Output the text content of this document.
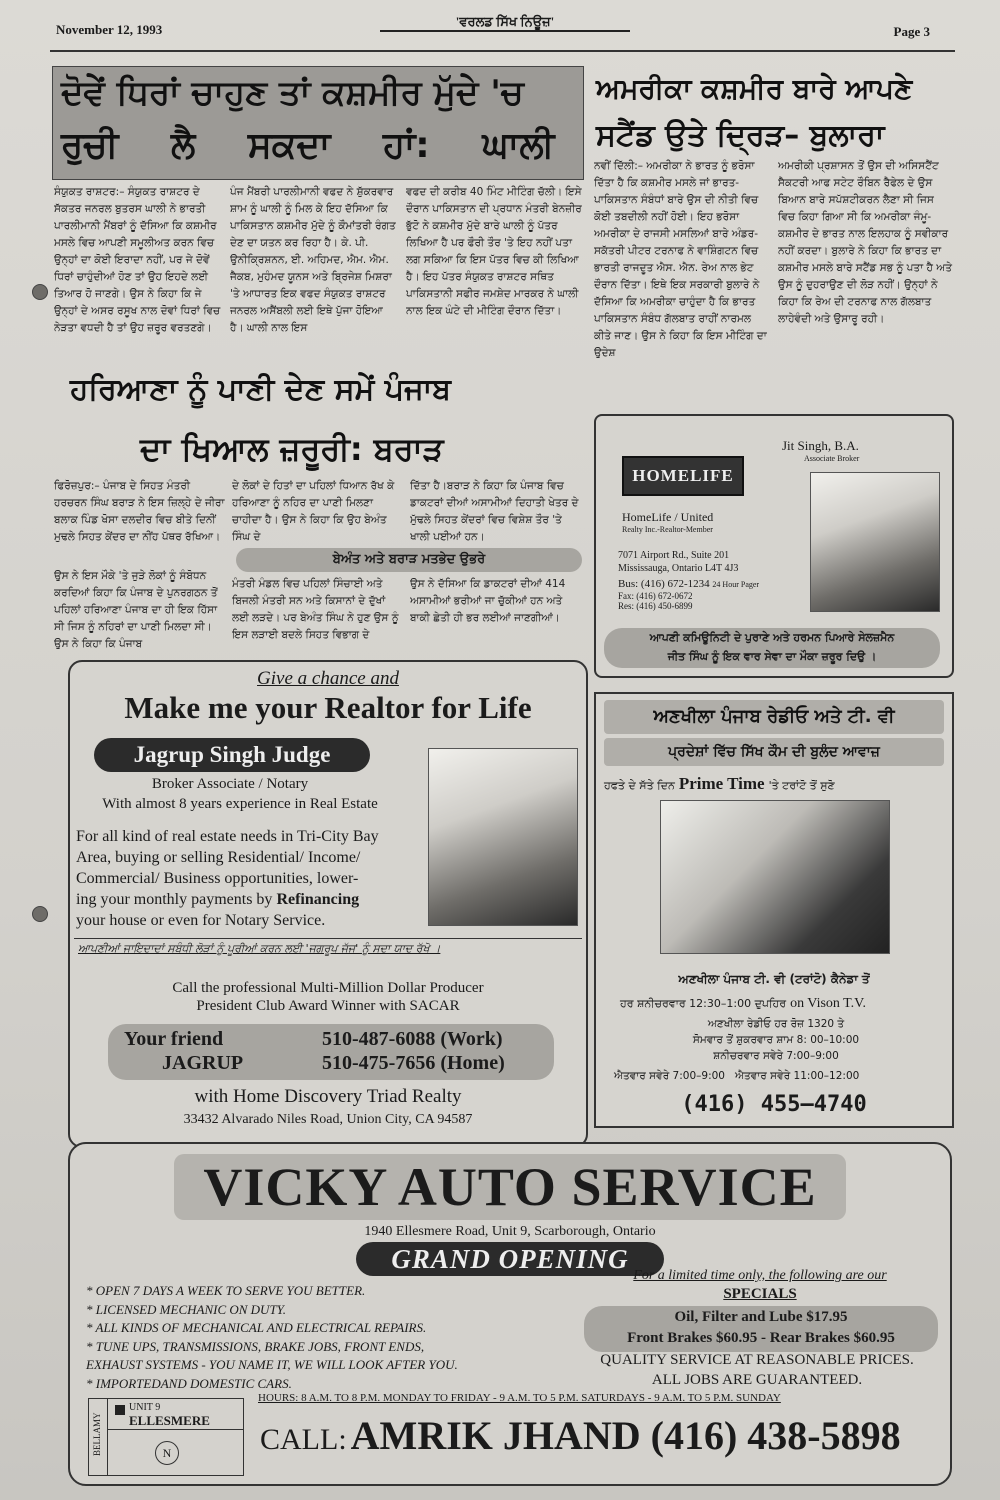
November 12, 1993
'ਵਰਲਡ ਸਿੱਖ ਨਿਊਜ਼'
Page 3
ਦੋਵੇਂ ਧਿਰਾਂ ਚਾਹੁਣ ਤਾਂ ਕਸ਼ਮੀਰ ਮੁੱਦੇ 'ਚ
ਰੁਚੀ ਲੈ ਸਕਦਾ ਹਾਂ: ਘਾਲੀ
ਸੰਯੁਕਤ ਰਾਸ਼ਟਰ:– ਸੰਯੁਕਤ ਰਾਸ਼ਟਰ ਦੇ ਸੱਕਤਰ ਜਨਰਲ ਬੁਤਰਸ ਘਾਲੀ ਨੇ ਭਾਰਤੀ ਪਾਰਲੀਮਾਨੀ ਮੈਂਬਰਾਂ ਨੂੰ ਦੱਸਿਆ ਕਿ ਕਸ਼ਮੀਰ ਮਸਲੇ ਵਿਚ ਆਪਣੀ ਸਮੂਲੀਅਤ ਕਰਨ ਵਿਚ ਉਨ੍ਹਾਂ ਦਾ ਕੋਈ ਇਰਾਦਾ ਨਹੀਂ, ਪਰ ਜੇ ਦੋਵੇਂ ਧਿਰਾਂ ਚਾਹੁੰਦੀਆਂ ਹੋਣ ਤਾਂ ਉਹ ਇਹਦੇ ਲਈ ਤਿਆਰ ਹੋ ਜਾਣਗੇ। ਉਸ ਨੇ ਕਿਹਾ ਕਿ ਜੇ ਉਨ੍ਹਾਂ ਦੇ ਅਸਰ ਰਸੂਖ ਨਾਲ ਦੋਵਾਂ ਧਿਰਾਂ ਵਿਚ ਨੇੜਤਾ ਵਧਦੀ ਹੈ ਤਾਂ ਉਹ ਜ਼ਰੂਰ ਵਰਤਣਗੇ।
ਪੰਜ ਮੈਂਬਰੀ ਪਾਰਲੀਮਾਨੀ ਵਫਦ ਨੇ ਸ਼ੁੱਕਰਵਾਰ ਸ਼ਾਮ ਨੂੰ ਘਾਲੀ ਨੂੰ ਮਿਲ ਕੇ ਇਹ ਦੱਸਿਆ ਕਿ ਪਾਕਿਸਤਾਨ ਕਸ਼ਮੀਰ ਮੁੱਦੇ ਨੂੰ ਕੌਮਾਂਤਰੀ ਰੰਗਤ ਦੇਣ ਦਾ ਯਤਨ ਕਰ ਰਿਹਾ ਹੈ। ਕੇ. ਪੀ. ਉਨੀਕ੍ਰਿਸ਼ਨਨ, ਈ. ਅਹਿਮਦ, ਐਮ. ਐਮ. ਜੈਕਬ, ਮੁਹੰਮਦ ਯੂਨਸ ਅਤੇ ਬ੍ਰਿਜੇਸ਼ ਮਿਸ਼ਰਾ 'ਤੇ ਆਧਾਰਤ ਇਕ ਵਫਦ ਸੰਯੁਕਤ ਰਾਸ਼ਟਰ ਜਨਰਲ ਅਸੈਂਬਲੀ ਲਈ ਇਥੇ ਪੁੱਜਾ ਹੋਇਆ ਹੈ। ਘਾਲੀ ਨਾਲ ਇਸ
ਵਫਦ ਦੀ ਕਰੀਬ 40 ਮਿੰਟ ਮੀਟਿੰਗ ਚੱਲੀ। ਇਸੇ ਦੌਰਾਨ ਪਾਕਿਸਤਾਨ ਦੀ ਪ੍ਰਧਾਨ ਮੰਤਰੀ ਬੇਨਜ਼ੀਰ ਭੁੱਟੋ ਨੇ ਕਸ਼ਮੀਰ ਮੁੱਦੇ ਬਾਰੇ ਘਾਲੀ ਨੂੰ ਪੱਤਰ ਲਿਖਿਆ ਹੈ ਪਰ ਫੌਰੀ ਤੌਰ 'ਤੇ ਇਹ ਨਹੀਂ ਪਤਾ ਲਗ ਸਕਿਆ ਕਿ ਇਸ ਪੱਤਰ ਵਿਚ ਕੀ ਲਿਖਿਆ ਹੈ। ਇਹ ਪੱਤਰ ਸੰਯੁਕਤ ਰਾਸ਼ਟਰ ਸਥਿਤ ਪਾਕਿਸਤਾਨੀ ਸਫੀਰ ਜਮਸ਼ੇਦ ਮਾਰਕਰ ਨੇ ਘਾਲੀ ਨਾਲ ਇਕ ਘੰਟੇ ਦੀ ਮੀਟਿੰਗ ਦੌਰਾਨ ਦਿੱਤਾ।
ਅਮਰੀਕਾ ਕਸ਼ਮੀਰ ਬਾਰੇ ਆਪਣੇ
ਸਟੈਂਡ ਉਤੇ ਦ੍ਰਿੜ– ਬੁਲਾਰਾ
ਨਵੀਂ ਦਿੱਲੀ:– ਅਮਰੀਕਾ ਨੇ ਭਾਰਤ ਨੂੰ ਭਰੋਸਾ ਦਿੱਤਾ ਹੈ ਕਿ ਕਸ਼ਮੀਰ ਮਸਲੇ ਜਾਂ ਭਾਰਤ-ਪਾਕਿਸਤਾਨ ਸੰਬੰਧਾਂ ਬਾਰੇ ਉਸ ਦੀ ਨੀਤੀ ਵਿਚ ਕੋਈ ਤਬਦੀਲੀ ਨਹੀਂ ਹੋਈ। ਇਹ ਭਰੋਸਾ ਅਮਰੀਕਾ ਦੇ ਰਾਜਸੀ ਮਸਲਿਆਂ ਬਾਰੇ ਅੰਡਰ-ਸਕੱਤਰੀ ਪੀਟਰ ਟਰਨਾਫ ਨੇ ਵਾਸ਼ਿੰਗਟਨ ਵਿਚ ਭਾਰਤੀ ਰਾਜਦੂਤ ਐਸ. ਐਨ. ਰੇਅ ਨਾਲ ਭੇਟ ਦੌਰਾਨ ਦਿੱਤਾ। ਇਥੇ ਇਕ ਸਰਕਾਰੀ ਬੁਲਾਰੇ ਨੇ ਦੱਸਿਆ ਕਿ ਅਮਰੀਕਾ ਚਾਹੁੰਦਾ ਹੈ ਕਿ ਭਾਰਤ ਪਾਕਿਸਤਾਨ ਸੰਬੰਧ ਗੱਲਬਾਤ ਰਾਹੀਂ ਨਾਰਮਲ ਕੀਤੇ ਜਾਣ। ਉਸ ਨੇ ਕਿਹਾ ਕਿ ਇਸ ਮੀਟਿੰਗ ਦਾ ਉਦੇਸ਼
ਅਮਰੀਕੀ ਪ੍ਰਸ਼ਾਸਨ ਤੋਂ ਉਸ ਦੀ ਅਸਿਸਟੈਂਟ ਸੈਕਟਰੀ ਆਫ ਸਟੇਟ ਰੌਬਿਨ ਰੈਫੇਲ ਦੇ ਉਸ ਬਿਆਨ ਬਾਰੇ ਸਪੱਸ਼ਟੀਕਰਨ ਲੈਣਾ ਸੀ ਜਿਸ ਵਿਚ ਕਿਹਾ ਗਿਆ ਸੀ ਕਿ ਅਮਰੀਕਾ ਜੰਮੂ-ਕਸ਼ਮੀਰ ਦੇ ਭਾਰਤ ਨਾਲ ਇਲਹਾਕ ਨੂੰ ਸਵੀਕਾਰ ਨਹੀਂ ਕਰਦਾ। ਬੁਲਾਰੇ ਨੇ ਕਿਹਾ ਕਿ ਭਾਰਤ ਦਾ ਕਸ਼ਮੀਰ ਮਸਲੇ ਬਾਰੇ ਸਟੈਂਡ ਸਭ ਨੂੰ ਪਤਾ ਹੈ ਅਤੇ ਉਸ ਨੂੰ ਦੁਹਰਾਉਣ ਦੀ ਲੋੜ ਨਹੀਂ। ਉਨ੍ਹਾਂ ਨੇ ਕਿਹਾ ਕਿ ਰੇਅ ਦੀ ਟਰਨਾਫ ਨਾਲ ਗੱਲਬਾਤ ਲਾਹੇਵੰਦੀ ਅਤੇ ਉਸਾਰੂ ਰਹੀ।
ਹਰਿਆਣਾ ਨੂੰ ਪਾਣੀ ਦੇਣ ਸਮੇਂ ਪੰਜਾਬ
ਦਾ ਖਿਆਲ ਜ਼ਰੂਰੀ: ਬਰਾੜ
ਫਿਰੋਜ਼ਪੁਰ:– ਪੰਜਾਬ ਦੇ ਸਿਹਤ ਮੰਤਰੀ ਹਰਚਰਨ ਸਿੰਘ ਬਰਾੜ ਨੇ ਇਸ ਜ਼ਿਲ੍ਹੇ ਦੇ ਜੀਰਾ ਬਲਾਕ ਪਿੰਡ ਖੋਸਾ ਦਲਦੀਰ ਵਿਚ ਬੀਤੇ ਦਿਨੀਂ ਮੁਢਲੇ ਸਿਹਤ ਕੇਂਦਰ ਦਾ ਨੀਂਹ ਪੱਥਰ ਰੱਖਿਆ।
ਉਸ ਨੇ ਇਸ ਮੌਕੇ 'ਤੇ ਜੁੜੇ ਲੋਕਾਂ ਨੂੰ ਸੰਬੋਧਨ ਕਰਦਿਆਂ ਕਿਹਾ ਕਿ ਪੰਜਾਬ ਦੇ ਪੁਨਰਗਠਨ ਤੋਂ ਪਹਿਲਾਂ ਹਰਿਆਣਾ ਪੰਜਾਬ ਦਾ ਹੀ ਇਕ ਹਿੱਸਾ ਸੀ ਜਿਸ ਨੂੰ ਨਹਿਰਾਂ ਦਾ ਪਾਣੀ ਮਿਲਦਾ ਸੀ। ਉਸ ਨੇ ਕਿਹਾ ਕਿ ਪੰਜਾਬ
ਦੇ ਲੋਕਾਂ ਦੇ ਹਿਤਾਂ ਦਾ ਪਹਿਲਾਂ ਧਿਆਨ ਰੱਖ ਕੇ ਹਰਿਆਣਾ ਨੂੰ ਨਹਿਰ ਦਾ ਪਾਣੀ ਮਿਲਣਾ ਚਾਹੀਦਾ ਹੈ। ਉਸ ਨੇ ਕਿਹਾ ਕਿ ਉਹ ਬੇਅੰਤ ਸਿੰਘ ਦੇ
ਦਿੱਤਾ ਹੈ।ਬਰਾੜ ਨੇ ਕਿਹਾ ਕਿ ਪੰਜਾਬ ਵਿਚ ਡਾਕਟਰਾਂ ਦੀਆਂ ਅਸਾਮੀਆਂ ਦਿਹਾਤੀ ਖੇਤਰ ਦੇ ਮੁੱਢਲੇ ਸਿਹਤ ਕੇਂਦਰਾਂ ਵਿਚ ਵਿਸ਼ੇਸ਼ ਤੌਰ 'ਤੇ ਖਾਲੀ ਪਈਆਂ ਹਨ।
ਬੇਅੰਤ ਅਤੇ ਬਰਾੜ ਮਤਭੇਦ ਉਭਰੇ
ਮੰਤਰੀ ਮੰਡਲ ਵਿਚ ਪਹਿਲਾਂ ਸਿੰਚਾਈ ਅਤੇ ਬਿਜਲੀ ਮੰਤਰੀ ਸਨ ਅਤੇ ਕਿਸਾਨਾਂ ਦੇ ਦੁੱਖਾਂ ਲਈ ਲੜਦੇ। ਪਰ ਬੇਅੰਤ ਸਿੰਘ ਨੇ ਹੁਣ ਉਸ ਨੂੰ ਇਸ ਲੜਾਈ ਬਦਲੇ ਸਿਹਤ ਵਿਭਾਗ ਦੇ
ਉਸ ਨੇ ਦੱਸਿਆ ਕਿ ਡਾਕਟਰਾਂ ਦੀਆਂ 414 ਅਸਾਮੀਆਂ ਭਰੀਆਂ ਜਾ ਚੁੱਕੀਆਂ ਹਨ ਅਤੇ ਬਾਕੀ ਛੇਤੀ ਹੀ ਭਰ ਲਈਆਂ ਜਾਣਗੀਆਂ।
HOMELIFE
HomeLife / United
Realty Inc.-Realtor-Member
Jit Singh, B.A.
Associate Broker
7071 Airport Rd., Suite 201
Mississauga, Ontario L4T 4J3
Bus: (416) 672-1234 24 Hour Pager
Fax: (416) 672-0672
Res: (416) 450-6899
ਆਪਣੀ ਕਮਿਊਨਿਟੀ ਦੇ ਪੁਰਾਣੇ ਅਤੇ ਹਰਮਨ ਪਿਆਰੇ ਸੇਲਜ਼ਮੈਨ
ਜੀਤ ਸਿੰਘ ਨੂੰ ਇਕ ਵਾਰ ਸੇਵਾ ਦਾ ਮੌਕਾ ਜ਼ਰੂਰ ਦਿਉ ।
Give a chance and
Make me your Realtor for Life
Jagrup Singh Judge
Broker Associate / Notary
With almost 8 years experience in Real Estate
For all kind of real estate needs in Tri-City Bay
Area, buying or selling Residential/ Income/
Commercial/ Business opportunities, lower-
ing your monthly payments by Refinancing
your house or even for Notary Service.
ਆਪਣੀਆਂ ਜਾਇਦਾਦਾਂ ਸਬੰਧੀ ਲੋੜਾਂ ਨੂੰ ਪੂਰੀਆਂ ਕਰਨ ਲਈ 'ਜਗਰੂਪ ਜੱਜ' ਨੂੰ ਸਦਾ ਯਾਦ ਰੱਖੋ ।
Call the professional Multi-Million Dollar Producer
President Club Award Winner with SACAR
Your friend
JAGRUP
510-487-6088 (Work)
510-475-7656 (Home)
with Home Discovery Triad Realty
33432 Alvarado Niles Road, Union City, CA 94587
ਅਣਖੀਲਾ ਪੰਜਾਬ ਰੇਡੀਓ ਅਤੇ ਟੀ. ਵੀ
ਪ੍ਰਦੇਸ਼ਾਂ ਵਿੱਚ ਸਿੱਖ ਕੌਮ ਦੀ ਬੁਲੰਦ ਆਵਾਜ਼
ਹਫਤੇ ਦੇ ਸੱਤੇ ਦਿਨ Prime Time 'ਤੇ ਟਰਾਂਟੋ ਤੋਂ ਸੁਣੋ
ਅਣਖੀਲਾ ਪੰਜਾਬ ਟੀ. ਵੀ (ਟਰਾਂਟੋ) ਕੈਨੇਡਾ ਤੋਂ
ਹਰ ਸ਼ਨੀਚਰਵਾਰ 12:30–1:00 ਦੁਪਹਿਰ on Vison T.V.
ਅਣਖੀਲਾ ਰੇਡੀਓ ਹਰ ਰੋਜ਼ 1320 ਤੇ
ਸੋਮਵਾਰ ਤੋਂ ਸ਼ੁਕਰਵਾਰ ਸ਼ਾਮ 8: 00–10:00
ਸ਼ਨੀਚਰਵਾਰ ਸਵੇਰੇ 7:00–9:00
ਐਤਵਾਰ ਸਵੇਰੇ 7:00–9:00 ਐਤਵਾਰ ਸਵੇਰੇ 11:00–12:00
(416) 455–4740
VICKY AUTO SERVICE
1940 Ellesmere Road, Unit 9, Scarborough, Ontario
GRAND OPENING
* OPEN 7 DAYS A WEEK TO SERVE YOU BETTER.
* LICENSED MECHANIC ON DUTY.
* ALL KINDS OF MECHANICAL AND ELECTRICAL REPAIRS.
* TUNE UPS, TRANSMISSIONS, BRAKE JOBS, FRONT ENDS,
EXHAUST SYSTEMS - YOU NAME IT, WE WILL LOOK AFTER YOU.
* IMPORTEDAND DOMESTIC CARS.
For a limited time only, the following are our
SPECIALS
Oil, Filter and Lube $17.95
Front Brakes $60.95 - Rear Brakes $60.95
QUALITY SERVICE AT REASONABLE PRICES.
ALL JOBS ARE GUARANTEED.
HOURS: 8 A.M. TO 8 P.M. MONDAY TO FRIDAY - 9 A.M. TO 5 P.M. SATURDAYS - 9 A.M. TO 5 P.M. SUNDAY
BELLAMY
UNIT 9
ELLESMERE
N	CALL: AMRIK JHAND (416) 438-5898
